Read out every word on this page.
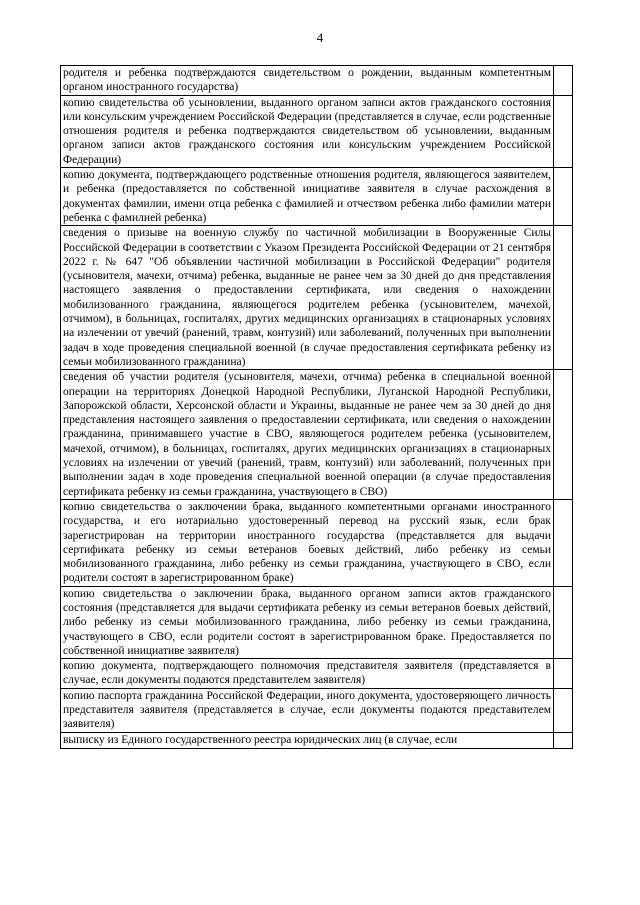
4
родителя и ребенка подтверждаются свидетельством о рождении, выданным компетентным органом иностранного государства)	
копию свидетельства об усыновлении, выданного органом записи актов гражданского состояния или консульским учреждением Российской Федерации (представляется в случае, если родственные отношения родителя и ребенка подтверждаются свидетельством об усыновлении, выданным органом записи актов гражданского состояния или консульским учреждением Российской Федерации)	
копию документа, подтверждающего родственные отношения родителя, являющегося заявителем, и ребенка (предоставляется по собственной инициативе заявителя в случае расхождения в документах фамилии, имени отца ребенка с фамилией и отчеством ребенка либо фамилии матери ребенка с фамилией ребенка)	
сведения о призыве на военную службу по частичной мобилизации в Вооруженные Силы Российской Федерации в соответствии с Указом Президента Российской Федерации от 21 сентября 2022 г. № 647 "Об объявлении частичной мобилизации в Российской Федерации" родителя (усыновителя, мачехи, отчима) ребенка, выданные не ранее чем за 30 дней до дня представления настоящего заявления о предоставлении сертификата, или сведения о нахождении мобилизованного гражданина, являющегося родителем ребенка (усыновителем, мачехой, отчимом), в больницах, госпиталях, других медицинских организациях в стационарных условиях на излечении от увечий (ранений, травм, контузий) или заболеваний, полученных при выполнении задач в ходе проведения специальной военной (в случае предоставления сертификата ребенку из семьи мобилизованного гражданина)	
сведения об участии родителя (усыновителя, мачехи, отчима) ребенка в специальной военной операции на территориях Донецкой Народной Республики, Луганской Народной Республики, Запорожской области, Херсонской области и Украины, выданные не ранее чем за 30 дней до дня представления настоящего заявления о предоставлении сертификата, или сведения о нахождении гражданина, принимавшего участие в СВО, являющегося родителем ребенка (усыновителем, мачехой, отчимом), в больницах, госпиталях, других медицинских организациях в стационарных условиях на излечении от увечий (ранений, травм, контузий) или заболеваний, полученных при выполнении задач в ходе проведения специальной военной операции (в случае предоставления сертификата ребенку из семьи гражданина, участвующего в СВО)	
копию свидетельства о заключении брака, выданного компетентными органами иностранного государства, и его нотариально удостоверенный перевод на русский язык, если брак зарегистрирован на территории иностранного государства (представляется для выдачи сертификата ребенку из семьи ветеранов боевых действий, либо ребенку из семьи мобилизованного гражданина, либо ребенку из семьи гражданина, участвующего в СВО, если родители состоят в зарегистрированном браке)	
копию свидетельства о заключении брака, выданного органом записи актов гражданского состояния (представляется для выдачи сертификата ребенку из семьи ветеранов боевых действий, либо ребенку из семьи мобилизованного гражданина, либо ребенку из семьи гражданина, участвующего в СВО, если родители состоят в зарегистрированном браке. Предоставляется по собственной инициативе заявителя)	
копию документа, подтверждающего полномочия представителя заявителя (представляется в случае, если документы подаются представителем заявителя)	
копию паспорта гражданина Российской Федерации, иного документа, удостоверяющего личность представителя заявителя (представляется в случае, если документы подаются представителем заявителя)	

выписку из Единого государственного реестра юридических лиц (в случае, если	
